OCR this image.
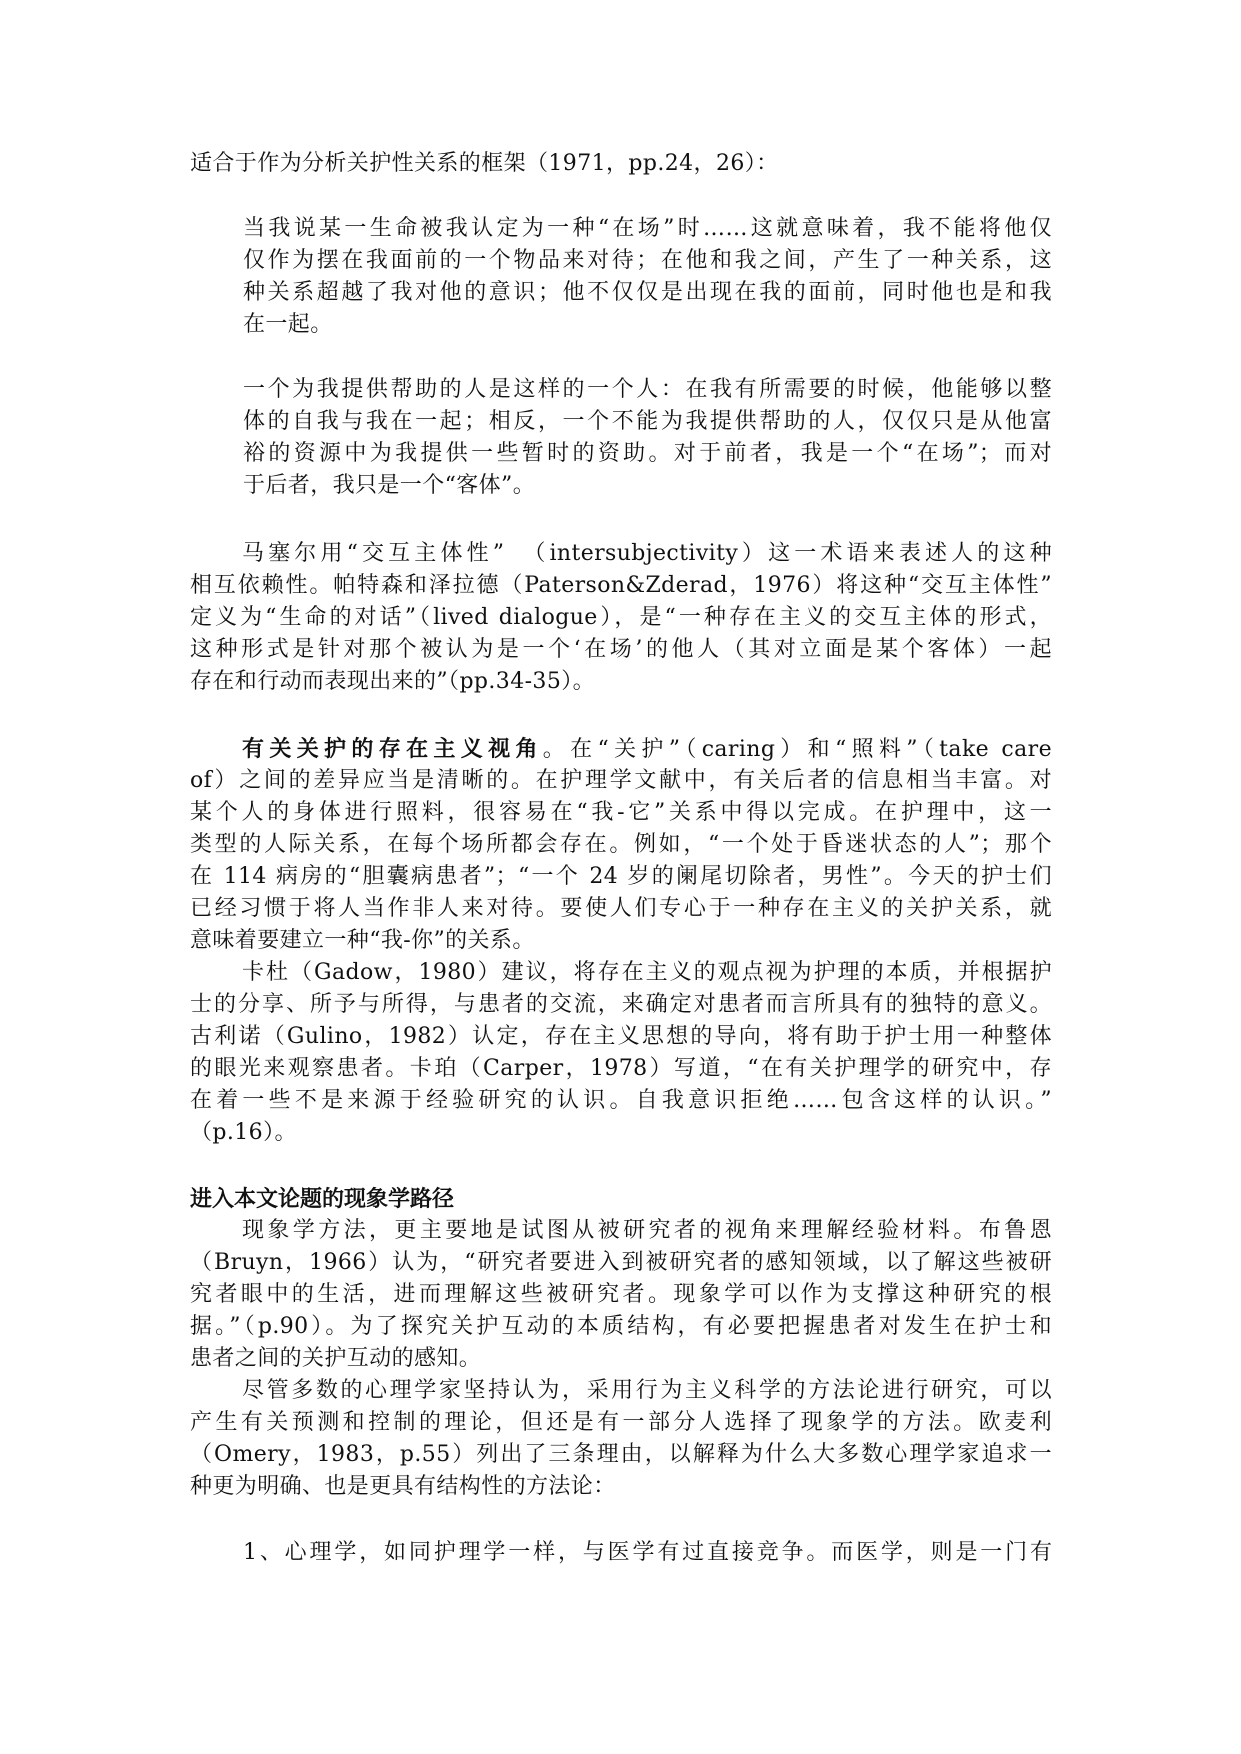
适合于作为分析关护性关系的框架（1971，pp.24，26）：
当我说某一生命被我认定为一种“在场”时……这就意味着，我不能将他仅
仅作为摆在我面前的一个物品来对待；在他和我之间，产生了一种关系，这
种关系超越了我对他的意识；他不仅仅是出现在我的面前，同时他也是和我
在一起。
一个为我提供帮助的人是这样的一个人：在我有所需要的时候，他能够以整
体的自我与我在一起；相反，一个不能为我提供帮助的人，仅仅只是从他富
裕的资源中为我提供一些暂时的资助。对于前者，我是一个“在场”；而对
于后者，我只是一个“客体”。
马塞尔用“交互主体性”　（intersubjectivity）这一术语来表述人的这种
相互依赖性。帕特森和泽拉德（Paterson&Zderad，1976）将这种“交互主体性”
定义为“生命的对话”（lived dialogue），是“一种存在主义的交互主体的形式，
这种形式是针对那个被认为是一个‘在场’的他人（其对立面是某个客体）一起
存在和行动而表现出来的”（pp.34-35）。
有关关护的存在主义视角。在“关护”（caring）和“照料”（take care
of）之间的差异应当是清晰的。在护理学文献中，有关后者的信息相当丰富。对
某个人的身体进行照料，很容易在“我-它”关系中得以完成。在护理中，这一
类型的人际关系，在每个场所都会存在。例如，“一个处于昏迷状态的人”；那个
在 114 病房的“胆囊病患者”；“一个 24 岁的阑尾切除者，男性”。今天的护士们
已经习惯于将人当作非人来对待。要使人们专心于一种存在主义的关护关系，就
意味着要建立一种“我-你”的关系。
卡杜（Gadow，1980）建议，将存在主义的观点视为护理的本质，并根据护
士的分享、所予与所得，与患者的交流，来确定对患者而言所具有的独特的意义。
古利诺（Gulino，1982）认定，存在主义思想的导向，将有助于护士用一种整体
的眼光来观察患者。卡珀（Carper，1978）写道，“在有关护理学的研究中，存
在着一些不是来源于经验研究的认识。自我意识拒绝……包含这样的认识。”
（p.16）。
进入本文论题的现象学路径
现象学方法，更主要地是试图从被研究者的视角来理解经验材料。布鲁恩
（Bruyn，1966）认为，“研究者要进入到被研究者的感知领域，以了解这些被研
究者眼中的生活，进而理解这些被研究者。现象学可以作为支撑这种研究的根
据。”（p.90）。为了探究关护互动的本质结构，有必要把握患者对发生在护士和
患者之间的关护互动的感知。
尽管多数的心理学家坚持认为，采用行为主义科学的方法论进行研究，可以
产生有关预测和控制的理论，但还是有一部分人选择了现象学的方法。欧麦利
（Omery，1983，p.55）列出了三条理由，以解释为什么大多数心理学家追求一
种更为明确、也是更具有结构性的方法论：
1、心理学，如同护理学一样，与医学有过直接竞争。而医学，则是一门有
